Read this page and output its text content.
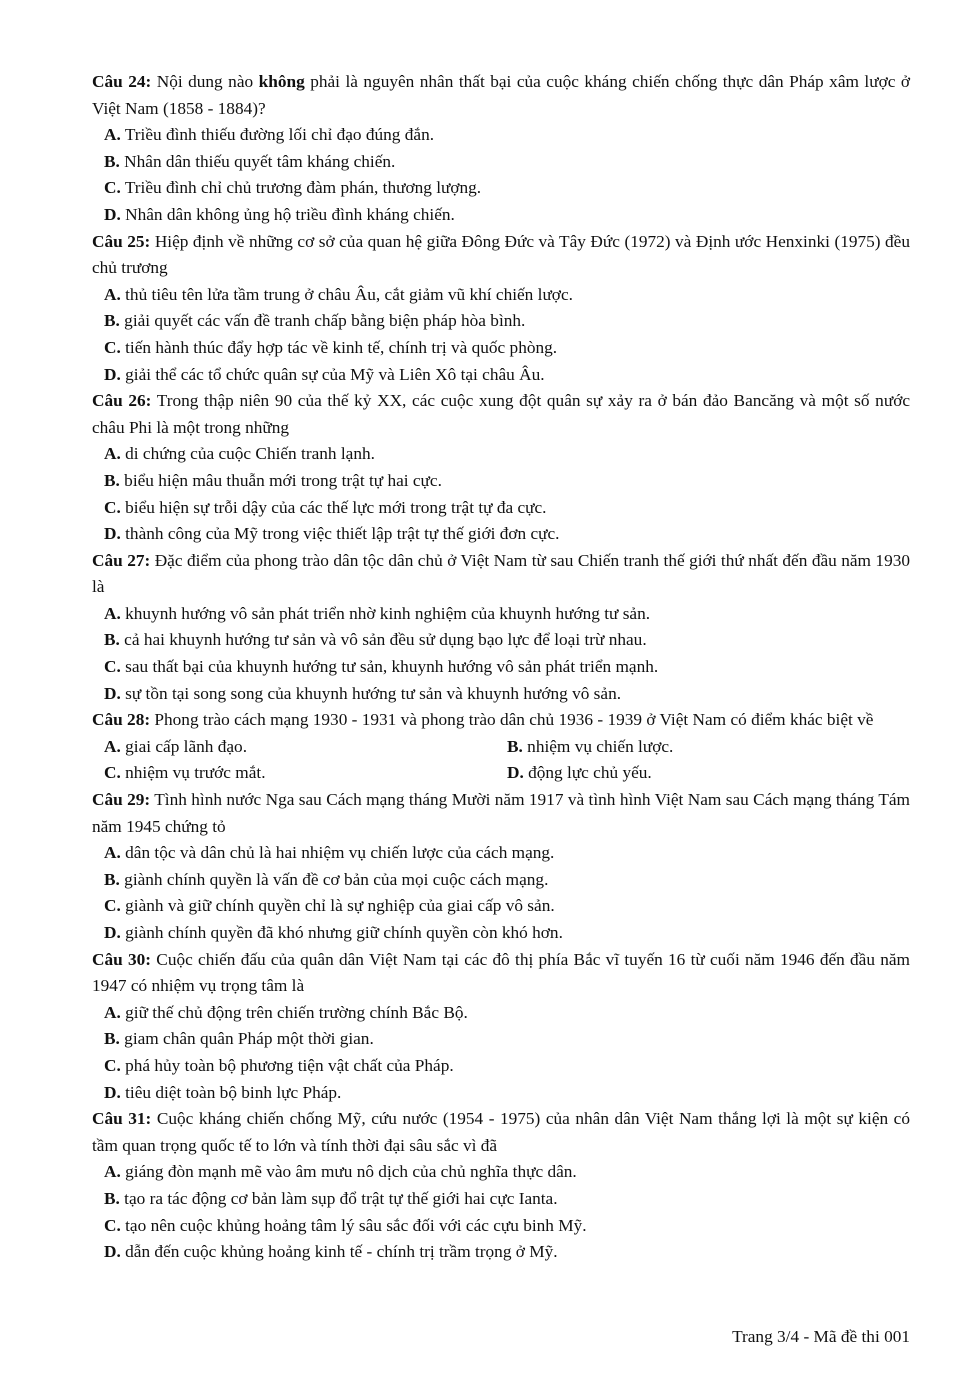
Câu 24: Nội dung nào không phải là nguyên nhân thất bại của cuộc kháng chiến chống thực dân Pháp xâm lược ở Việt Nam (1858 - 1884)?

A. Triều đình thiếu đường lối chỉ đạo đúng đắn.

B. Nhân dân thiếu quyết tâm kháng chiến.

C. Triều đình chỉ chủ trương đàm phán, thương lượng.

D. Nhân dân không ủng hộ triều đình kháng chiến.

Câu 25: Hiệp định về những cơ sở của quan hệ giữa Đông Đức và Tây Đức (1972) và Định ước Henxinki (1975) đều chủ trương

A. thủ tiêu tên lửa tầm trung ở châu Âu, cắt giảm vũ khí chiến lược.

B. giải quyết các vấn đề tranh chấp bằng biện pháp hòa bình.

C. tiến hành thúc đẩy hợp tác về kinh tế, chính trị và quốc phòng.

D. giải thể các tổ chức quân sự của Mỹ và Liên Xô tại châu Âu.

Câu 26: Trong thập niên 90 của thế kỷ XX, các cuộc xung đột quân sự xảy ra ở bán đảo Bancăng và một số nước châu Phi là một trong những

A. di chứng của cuộc Chiến tranh lạnh.

B. biểu hiện mâu thuẫn mới trong trật tự hai cực.

C. biểu hiện sự trỗi dậy của các thế lực mới trong trật tự đa cực.

D. thành công của Mỹ trong việc thiết lập trật tự thế giới đơn cực.

Câu 27: Đặc điểm của phong trào dân tộc dân chủ ở Việt Nam từ sau Chiến tranh thế giới thứ nhất đến đầu năm 1930 là

A. khuynh hướng vô sản phát triển nhờ kinh nghiệm của khuynh hướng tư sản.

B. cả hai khuynh hướng tư sản và vô sản đều sử dụng bạo lực để loại trừ nhau.

C. sau thất bại của khuynh hướng tư sản, khuynh hướng vô sản phát triển mạnh.

D. sự tồn tại song song của khuynh hướng tư sản và khuynh hướng vô sản.

Câu 28: Phong trào cách mạng 1930 - 1931 và phong trào dân chủ 1936 - 1939 ở Việt Nam có điểm khác biệt về

A. giai cấp lãnh đạo.	B. nhiệm vụ chiến lược.
C. nhiệm vụ trước mắt.	D. động lực chủ yếu.

Câu 29: Tình hình nước Nga sau Cách mạng tháng Mười năm 1917 và tình hình Việt Nam sau Cách mạng tháng Tám năm 1945 chứng tỏ

A. dân tộc và dân chủ là hai nhiệm vụ chiến lược của cách mạng.

B. giành chính quyền là vấn đề cơ bản của mọi cuộc cách mạng.

C. giành và giữ chính quyền chỉ là sự nghiệp của giai cấp vô sản.

D. giành chính quyền đã khó nhưng giữ chính quyền còn khó hơn.

Câu 30: Cuộc chiến đấu của quân dân Việt Nam tại các đô thị phía Bắc vĩ tuyến 16 từ cuối năm 1946 đến đầu năm 1947 có nhiệm vụ trọng tâm là

A. giữ thế chủ động trên chiến trường chính Bắc Bộ.

B. giam chân quân Pháp một thời gian.

C. phá hủy toàn bộ phương tiện vật chất của Pháp.

D. tiêu diệt toàn bộ binh lực Pháp.

Câu 31: Cuộc kháng chiến chống Mỹ, cứu nước (1954 - 1975) của nhân dân Việt Nam thắng lợi là một sự kiện có tầm quan trọng quốc tế to lớn và tính thời đại sâu sắc vì đã

A. giáng đòn mạnh mẽ vào âm mưu nô dịch của chủ nghĩa thực dân.

B. tạo ra tác động cơ bản làm sụp đổ trật tự thế giới hai cực Ianta.

C. tạo nên cuộc khủng hoảng tâm lý sâu sắc đối với các cựu binh Mỹ.

D. dẫn đến cuộc khủng hoảng kinh tế - chính trị trầm trọng ở Mỹ.

Trang 3/4 - Mã đề thi 001
